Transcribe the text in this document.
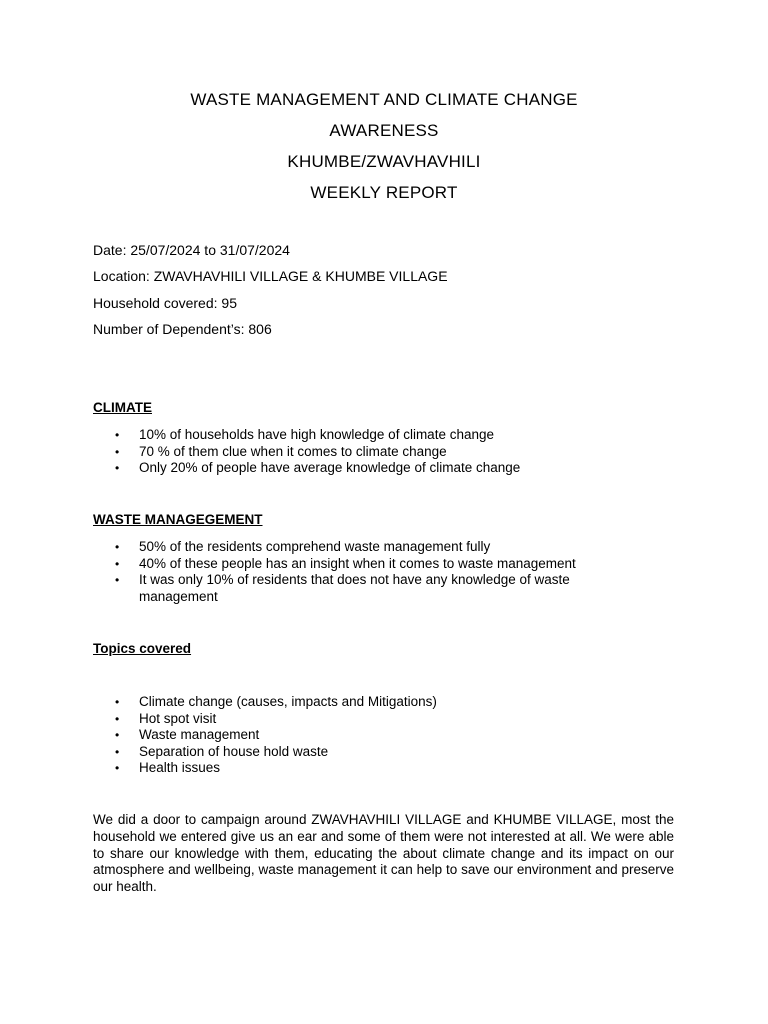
WASTE MANAGEMENT AND CLIMATE CHANGE
AWARENESS
KHUMBE/ZWAVHAVHILI
WEEKLY REPORT
Date: 25/07/2024 to 31/07/2024
Location: ZWAVHAVHILI VILLAGE & KHUMBE VILLAGE
Household covered: 95
Number of Dependent’s: 806
CLIMATE
• 10% of households have high knowledge of climate change
• 70 % of them clue when it comes to climate change
• Only 20% of people have average knowledge of climate change
WASTE MANAGEGEMENT
• 50% of the residents comprehend waste management fully
• 40% of these people has an insight when it comes to waste management
• It was only 10% of residents that does not have any knowledge of waste management
Topics covered
• Climate change (causes, impacts and Mitigations)
• Hot spot visit
• Waste management
• Separation of house hold waste
• Health issues
We did a door to campaign around ZWAVHAVHILI VILLAGE and KHUMBE VILLAGE, most the household we entered give us an ear and some of them were not interested at all. We were able to share our knowledge with them, educating the about climate change and its impact on our atmosphere and wellbeing, waste management it can help to save our environment and preserve our health.
